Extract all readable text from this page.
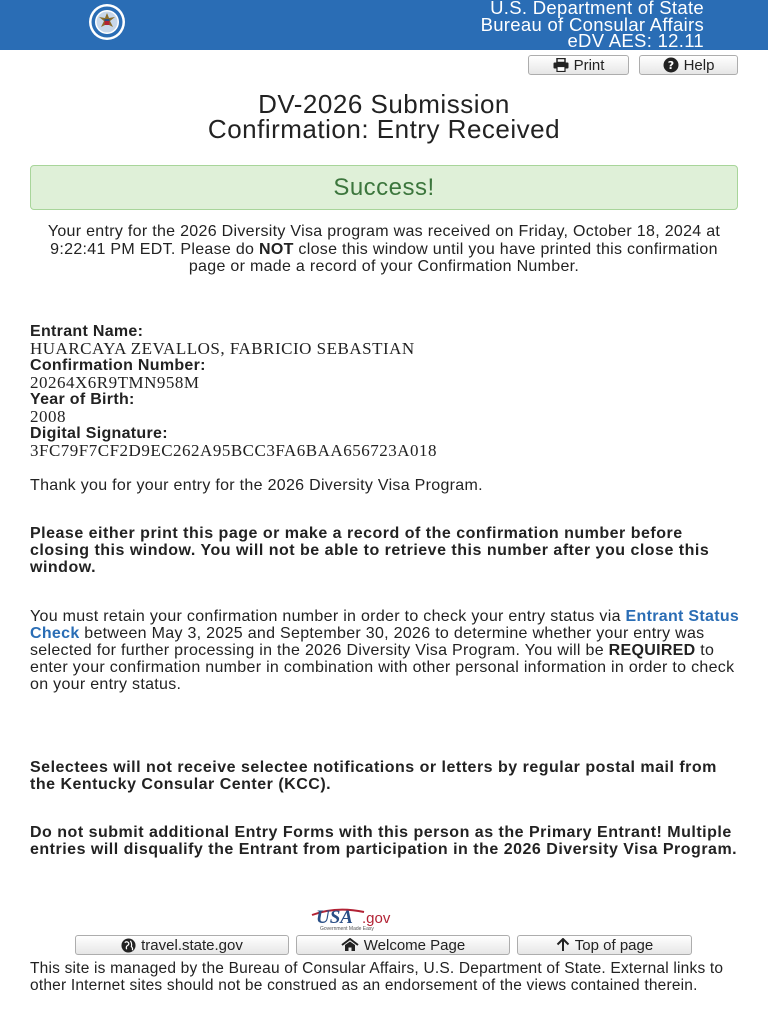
U.S. Department of State
Bureau of Consular Affairs
eDV AES: 12.11
Print	? Help
DV-2026 Submission
Confirmation: Entry Received
Success!
Your entry for the 2026 Diversity Visa program was received on Friday, October 18, 2024 at 9:22:41 PM EDT. Please do NOT close this window until you have printed this confirmation page or made a record of your Confirmation Number.
Entrant Name:
HUARCAYA ZEVALLOS, FABRICIO SEBASTIAN
Confirmation Number:
20264X6R9TMN958M
Year of Birth:
2008
Digital Signature:
3FC79F7CF2D9EC262A95BCC3FA6BAA656723A018
Thank you for your entry for the 2026 Diversity Visa Program.
Please either print this page or make a record of the confirmation number before closing this window. You will not be able to retrieve this number after you close this window.
You must retain your confirmation number in order to check your entry status via Entrant Status Check between May 3, 2025 and September 30, 2026 to determine whether your entry was selected for further processing in the 2026 Diversity Visa Program. You will be REQUIRED to enter your confirmation number in combination with other personal information in order to check on your entry status.
Selectees will not receive selectee notifications or letters by regular postal mail from the Kentucky Consular Center (KCC).
Do not submit additional Entry Forms with this person as the Primary Entrant! Multiple entries will disqualify the Entrant from participation in the 2026 Diversity Visa Program.
USA .gov
Government Made Easy
travel.state.gov	Welcome Page	Top of page
This site is managed by the Bureau of Consular Affairs, U.S. Department of State. External links to other Internet sites should not be construed as an endorsement of the views contained therein.
